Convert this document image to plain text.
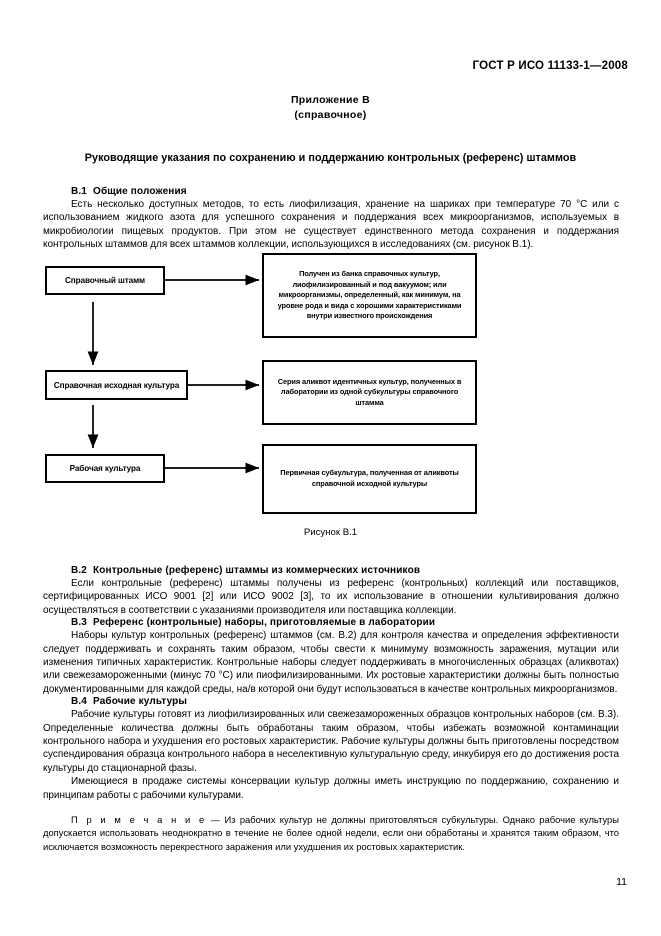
ГОСТ Р ИСО 11133-1—2008
Приложение В
(справочное)
Руководящие указания по сохранению и поддержанию контрольных (референс) штаммов
В.1 Общие положения

Есть несколько доступных методов, то есть лиофилизация, хранение на шариках при температуре 70 °С или с использованием жидкого азота для успешного сохранения и поддержания всех микроорганизмов, используемых в микробиологии пищевых продуктов. При этом не существует единственного метода сохранения и поддержания контрольных штаммов для всех штаммов коллекции, использующихся в исследованиях (см. рисунок В.1).

Справочный штамм
Получен из банка справочных культур, лиофилизированный и под вакуумом; или микроорганизмы, определенный, как минимум, на уровне рода и вида с хорошими характеристиками внутри известного происхождения
Справочная исходная культура	Серия аликвот идентичных культур, полученных в лаборатории из одной субкультуры справочного штамма
Рабочая культура	Первичная субкультура, полученная от аликвоты справочной исходной культуры
Рисунок В.1
В.2 Контрольные (референс) штаммы из коммерческих источников

Если контрольные (референс) штаммы получены из референс (контрольных) коллекций или поставщиков, сертифицированных ИСО 9001 [2] или ИСО 9002 [3], то их использование в отношении культивирования должно осуществляться в соответствии с указаниями производителя или поставщика коллекции.

В.3 Референс (контрольные) наборы, приготовляемые в лаборатории

Наборы культур контрольных (референс) штаммов (см. В.2) для контроля качества и определения эффективности следует поддерживать и сохранять таким образом, чтобы свести к минимуму возможность заражения, мутации или изменения типичных характеристик. Контрольные наборы следует поддерживать в многочисленных образцах (аликвотах) или свежезамороженными (минус 70 °С) или пиофилизированными. Их ростовые характеристики должны быть полностью документированными для каждой среды, на/в которой они будут использоваться в качестве контрольных микроорганизмов.

В.4 Рабочие культуры

Рабочие культуры готовят из лиофилизированных или свежезамороженных образцов контрольных наборов (см. В.3). Определенные количества должны быть обработаны таким образом, чтобы избежать возможной контаминации контрольного набора и ухудшения его ростовых характеристик. Рабочие культуры должны быть приготовлены посредством суспендирования образца контрольного набора в неселективную культуральную среду, инкубируя его до достижения роста культуры до стационарной фазы.

Имеющиеся в продаже системы консервации культур должны иметь инструкцию по поддержанию, сохранению и принципам работы с рабочими культурами.

П р и м е ч а н и е — Из рабочих культур не должны приготовляться субкультуры. Однако рабочие культуры допускается использовать неоднократно в течение не более одной недели, если они обработаны и хранятся таким образом, что исключается возможность перекрестного заражения или ухудшения их ростовых характеристик.

11
